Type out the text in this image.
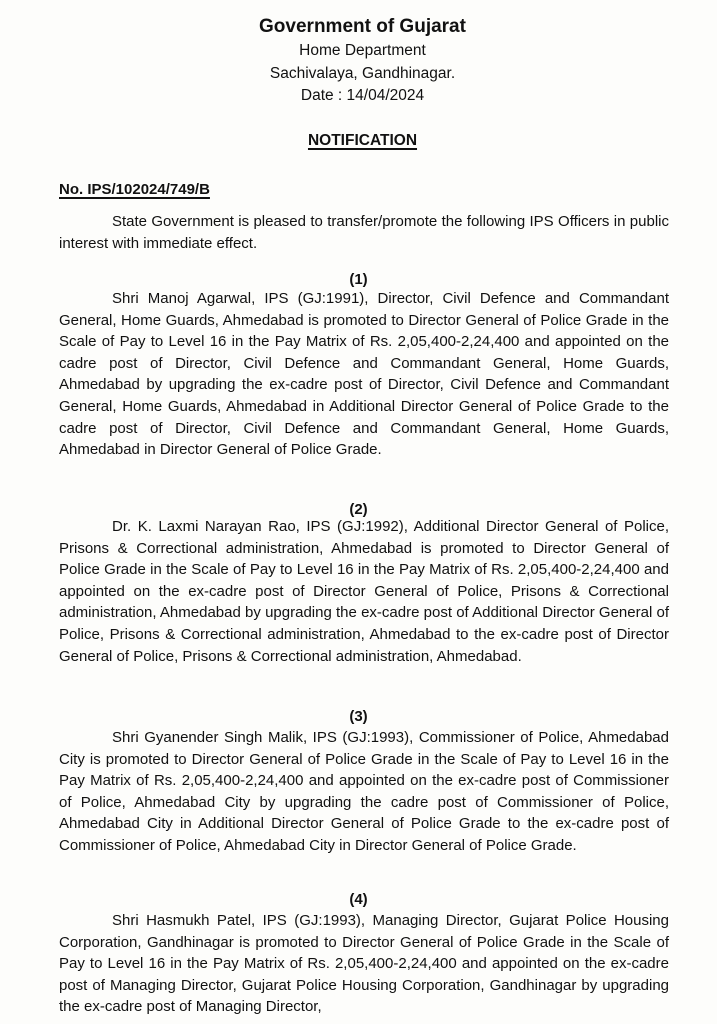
Government of Gujarat
Home Department
Sachivalaya, Gandhinagar.
Date : 14/04/2024
NOTIFICATION
No. IPS/102024/749/B

State Government is pleased to transfer/promote the following IPS Officers in public interest with immediate effect.

(1)

Shri Manoj Agarwal, IPS (GJ:1991), Director, Civil Defence and Commandant General, Home Guards, Ahmedabad is promoted to Director General of Police Grade in the Scale of Pay to Level 16 in the Pay Matrix of Rs. 2,05,400-2,24,400 and appointed on the cadre post of Director, Civil Defence and Commandant General, Home Guards, Ahmedabad by upgrading the ex-cadre post of Director, Civil Defence and Commandant General, Home Guards, Ahmedabad in Additional Director General of Police Grade to the cadre post of Director, Civil Defence and Commandant General, Home Guards, Ahmedabad in Director General of Police Grade.

(2)

Dr. K. Laxmi Narayan Rao, IPS (GJ:1992), Additional Director General of Police, Prisons & Correctional administration, Ahmedabad is promoted to Director General of Police Grade in the Scale of Pay to Level 16 in the Pay Matrix of Rs. 2,05,400-2,24,400 and appointed on the ex-cadre post of Director General of Police, Prisons & Correctional administration, Ahmedabad by upgrading the ex-cadre post of Additional Director General of Police, Prisons & Correctional administration, Ahmedabad to the ex-cadre post of Director General of Police, Prisons & Correctional administration, Ahmedabad.

(3)

Shri Gyanender Singh Malik, IPS (GJ:1993), Commissioner of Police, Ahmedabad City is promoted to Director General of Police Grade in the Scale of Pay to Level 16 in the Pay Matrix of Rs. 2,05,400-2,24,400 and appointed on the ex-cadre post of Commissioner of Police, Ahmedabad City by upgrading the cadre post of Commissioner of Police, Ahmedabad City in Additional Director General of Police Grade to the ex-cadre post of Commissioner of Police, Ahmedabad City in Director General of Police Grade.

(4)

Shri Hasmukh Patel, IPS (GJ:1993), Managing Director, Gujarat Police Housing Corporation, Gandhinagar is promoted to Director General of Police Grade in the Scale of Pay to Level 16 in the Pay Matrix of Rs. 2,05,400-2,24,400 and appointed on the ex-cadre post of Managing Director, Gujarat Police Housing Corporation, Gandhinagar by upgrading the ex-cadre post of Managing Director,
